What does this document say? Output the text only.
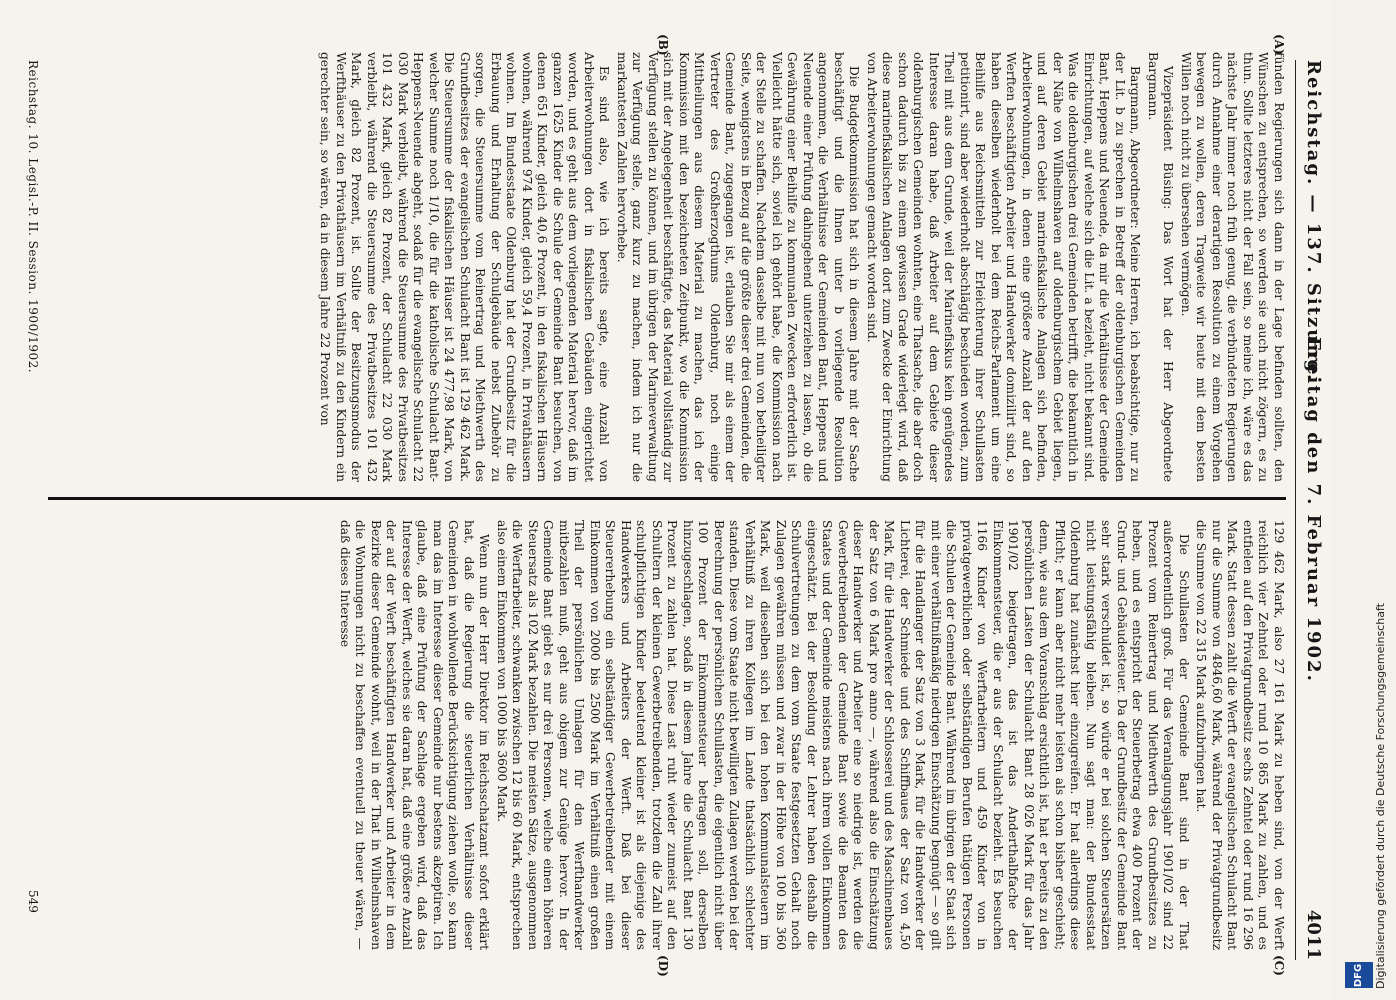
Reichstag. — 137. Sitzung.
Freitag den 7. Februar 1902.
4011
(A)
(B)
(C)
(D)

fünden Regierungen sich dann in der Lage befinden sollten, den Wünschen zu entsprechen, so werden sie auch nicht zögern, es zu thun. Sollte letzteres nicht der Fall sein, so meine ich, wäre es das nächste Jahr immer noch früh genug, die verbündeten Regierungen durch Annahme einer derartigen Resolution zu einem Vorgehen bewegen zu wollen, deren Tragweite wir heute mit dem besten Willen noch nicht zu übersehen vermögen.

Vizepräsident Büsing: Das Wort hat der Herr Abgeordnete Bargmann.

Bargmann, Abgeordneter: Meine Herren, ich beabsichtige, nur zu der Lit. b zu sprechen in Betreff der oldenburgischen Gemeinden Bant, Heppens und Neuende, da mir die Verhältnisse der Gemeinde Einrichtungen, auf welche sich die Lit. a bezieht, nicht bekannt sind. Was die oldenburgischen drei Gemeinden betrifft, die bekanntlich in der Nähe von Wilhelmshaven auf oldenburgischem Gebiet liegen, und auf deren Gebiet marinefiskalische Anlagen sich befinden, Arbeiterwohnungen, in denen eine größere Anzahl der auf den Werften beschäftigten Arbeiter und Handwerker domizilirt sind, so haben dieselben wiederholt bei dem Reichs-Parlament um eine Beihilfe aus Reichsmitteln zur Erleichterung ihrer Schullasten petitionirt, sind aber wiederholt abschlägig beschieden worden, zum Theil mit aus dem Grunde, weil der Marinefiskus kein genügendes Interesse daran habe, daß Arbeiter auf dem Gebiete dieser oldenburgischen Gemeinden wohnten, eine Thatsache, die aber doch schon dadurch bis zu einem gewissen Grade widerlegt wird, daß diese marinefiskalischen Anlagen dort zum Zwecke der Einrichtung von Arbeiterwohnungen gemacht worden sind.

Die Budgetkommission hat sich in diesem Jahre mit der Sache beschäftigt und die Ihnen unter b vorliegende Resolution angenommen, die Verhältnisse der Gemeinden Bant, Heppens und Neuende einer Prüfung dahingehend unterziehen zu lassen, ob die Gewährung einer Beihilfe zu kommunalen Zwecken erforderlich ist. Vielleicht hätte sich, soviel ich gehört habe, die Kommission nach der Stelle zu schaffen. Nachdem dasselbe mit nun von betheiligter Seite, wenigstens in Bezug auf die größte dieser drei Gemeinden, die Gemeinde Bant, zugegangen ist, erlauben Sie mir als einem der Vertreter des Großherzogthums Oldenburg, noch einige Mittheilungen aus diesem Material zu machen, das ich der Kommission mit den bezeichneten Zeitpunkt, wo die Kommission sich mit der Angelegenheit beschäftigte, das Material vollständig zur Verfügung stellen zu können, und im übrigen der Marineverwaltung zur Verfügung stelle, ganz kurz zu machen, indem ich nur die markantesten Zahlen hervorhebe.

Es sind also, wie ich bereits sagte, eine Anzahl von Arbeiterwohnungen dort in fiskalischen Gebäuden eingerichtet worden, und es geht aus dem vorliegenden Material hervor, daß im ganzen 1625 Kinder die Schule der Gemeinde Bant besuchen, von denen 651 Kinder, gleich 40,6 Prozent, in den fiskalischen Häusern wohnen, während 974 Kinder, gleich 59,4 Prozent, in Privathäusern wohnen. Im Bundesstaate Oldenburg hat der Grundbesitz für die Erbauung und Erhaltung der Schulgebäude nebst Zubehör zu sorgen, die Steuersumme vom Reinertrag und Miethwerth des Grundbesitzes der evangelischen Schulacht Bant ist 129 462 Mark. Die Steuersumme der fiskalischen Häuser ist 24 477,98 Mark, von welcher Summe noch 1/10, die für die katholische Schulacht Bant-Heppens-Neuende abgeht, sodaß für die evangelische Schulacht 22 030 Mark verbleibt, während die Steuersumme des Privatbesitzes 101 432 Mark, gleich 82 Prozent, der Schulacht 22 030 Mark verbleibt, während die Steuersumme des Privatbesitzes 101 432 Mark, gleich 82 Prozent, ist. Sollte der Besitzungsmodus der Werfthäuser zu den Privathäusern im Verhältniß zu den Kindern ein gerechter sein, so wären, da in diesem Jahre 22 Prozent von

129 462 Mark, also 27 161 Mark zu heben sind, von der Werft reichlich vier Zehntel oder rund 10 865 Mark zu zahlen, und es entfielen auf den Privatgrundbesitz sechs Zehntel oder rund 16 296 Mark. Statt dessen zahlt die Werft der evangelischen Schulacht Bant nur die Summe von 4846,60 Mark, während der Privatgrundbesitz die Summe von 22 315 Mark aufzubringen hat.

Die Schullasten der Gemeinde Bant sind in der That außerordentlich groß. Für das Veranlagungsjahr 1901/02 sind 22 Prozent vom Reinertrag und Miethwerth des Grundbesitzes zu heben, und es entspricht der Steuerbetrag etwa 400 Prozent der Grund- und Gebäudesteuer. Da der Grundbesitz der Gemeinde Bant sehr stark verschuldet ist, so würde er bei solchen Steuersätzen nicht leistungsfähig bleiben. Nun sagt man: der Bundesstaat Oldenburg hat zunächst hier einzugreifen. Er hat allerdings diese Pflicht; er kann aber nicht mehr leisten als schon bisher geschieht; denn, wie aus dem Voranschlag ersichtlich ist, hat er bereits zu den persönlichen Lasten der Schulacht Bant 28 026 Mark für das Jahr 1901/02 beigetragen, das ist das Anderthalbfache der Einkommensteuer, die er aus der Schulacht bezieht. Es besuchen 1166 Kinder von Werftarbeitern und 459 Kinder von in privatgewerblichen oder selbständigen Berufen thätigen Personen die Schulen der Gemeinde Bant. Während im übrigen der Staat sich mit einer verhältnißmäßig niedrigen Einschätzung begnügt — so gilt für die Handlanger der Satz von 3 Mark, für die Handwerker der Lichterei, der Schmiede und des Schiffbaues der Satz von 4,50 Mark, für die Handwerker der Schlosserei und des Maschinenbaues der Satz von 6 Mark pro anno —, während also die Einschätzung dieser Handwerker und Arbeiter eine so niedrige ist, werden die Gewerbetreibenden der Gemeinde Bant sowie die Beamten des Staates und der Gemeinde meistens nach ihrem vollen Einkommen eingeschätzt. Bei der Besoldung der Lehrer haben deshalb die Schulvertretungen zu dem vom Staate festgesetzten Gehalt noch Zulagen gewähren müssen und zwar in der Höhe von 100 bis 360 Mark, weil dieselben sich bei den hohen Kommunalsteuern im Verhältniß zu ihren Kollegen im Lande thatsächlich schlechter standen. Diese vom Staate nicht bewilligten Zulagen werden bei der Berechnung der persönlichen Schullasten, die eigentlich nicht über 100 Prozent der Einkommensteuer betragen soll, derselben hinzugeschlagen, sodaß in diesem Jahre die Schulacht Bant 130 Prozent zu zahlen hat. Diese Last ruht wieder zumeist auf den Schultern der kleinen Gewerbetreibenden, trotzdem die Zahl ihrer schulpflichtigen Kinder bedeutend kleiner ist als diejenige des Handwerkers und Arbeiters der Werft. Daß bei dieser Steuererhebung ein selbständiger Gewerbetreibender mit einem Einkommen von 2000 bis 2500 Mark im Verhältniß einen großen Theil der persönlichen Umlagen für den Werfthandwerker mitbezahlen muß, geht aus obigem zur Genüge hervor. In der Gemeinde Bant giebt es nur drei Personen, welche einen höheren Steuersatz als 102 Mark bezahlen. Die meisten Sätze, ausgenommen die Werftarbeiter, schwanken zwischen 12 bis 60 Mark, entsprechen also einem Einkommen von 1000 bis 3600 Mark.

Wenn nun der Herr Direktor im Reichsschatzamt sofort erklärt hat, daß die Regierung die steuerlichen Verhältnisse dieser Gemeinden in wohlwollende Berücksichtigung ziehen wolle, so kann man das im Interesse dieser Gemeinde nur bestens akzeptiren. Ich glaube, daß eine Prüfung der Sachlage ergeben wird, daß das Interesse der Werft, welches sie daran hat, daß eine größere Anzahl der auf der Werft beschäftigten Handwerker und Arbeiter in dem Bezirke dieser Gemeinde wohnt, weil in der That in Wilhelmshaven die Wohnungen nicht zu beschaffen eventuell zu theuer wären, — daß dieses Interesse

Reichstag. 10. Legisl.-P. II. Session. 1900/1902.
549	Digitalisierung gefördert durch die Deutsche Forschungsgemeinschaft
DFG
